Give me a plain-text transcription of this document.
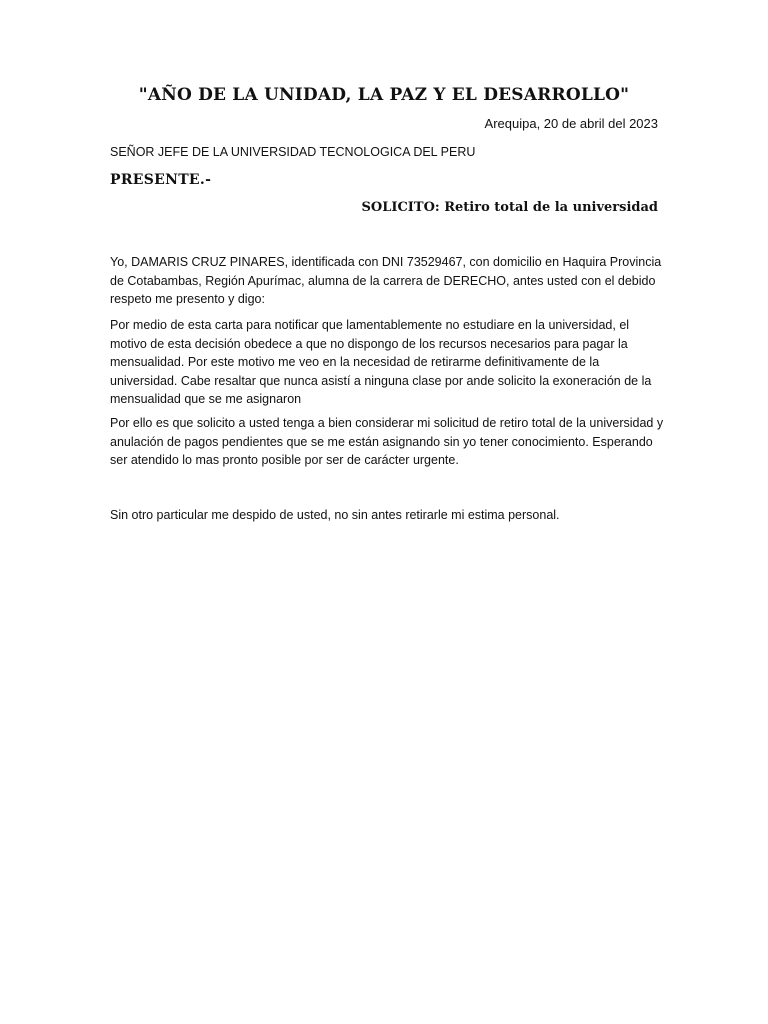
"AÑO DE LA UNIDAD, LA PAZ Y EL DESARROLLO"
Arequipa, 20 de abril del 2023
SEÑOR JEFE DE LA UNIVERSIDAD TECNOLOGICA DEL PERU
PRESENTE.-
SOLICITO: Retiro total de la universidad

Yo, DAMARIS CRUZ PINARES, identificada con DNI 73529467, con domicilio en Haquira Provincia de Cotabambas, Región Apurímac, alumna de la carrera de DERECHO, antes usted con el debido respeto me presento y digo:

Por medio de esta carta para notificar que lamentablemente no estudiare en la universidad, el motivo de esta decisión obedece a que no dispongo de los recursos necesarios para pagar la mensualidad. Por este motivo me veo en la necesidad de retirarme definitivamente de la universidad. Cabe resaltar que nunca asistí a ninguna clase por ande solicito la exoneración de la mensualidad que se me asignaron

Por ello es que solicito a usted tenga a bien considerar mi solicitud de retiro total de la universidad y anulación de pagos pendientes que se me están asignando sin yo tener conocimiento. Esperando ser atendido lo mas pronto posible por ser de carácter urgente.

Sin otro particular me despido de usted, no sin antes retirarle mi estima personal.
